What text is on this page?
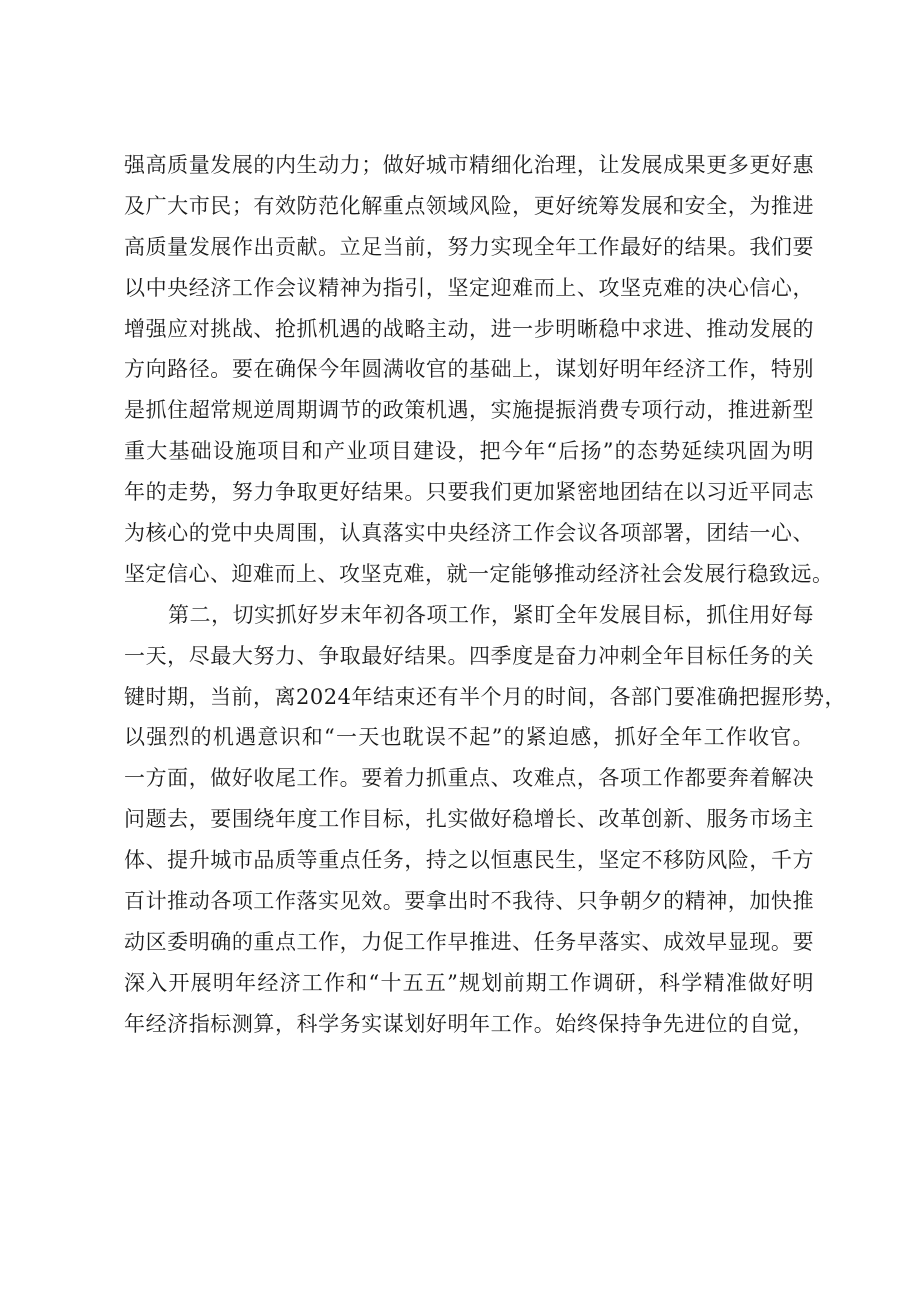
强高质量发展的内生动力；做好城市精细化治理，让发展成果更多更好惠
及广大市民；有效防范化解重点领域风险，更好统筹发展和安全，为推进
高质量发展作出贡献。立足当前，努力实现全年工作最好的结果。我们要
以中央经济工作会议精神为指引，坚定迎难而上、攻坚克难的决心信心，
增强应对挑战、抢抓机遇的战略主动，进一步明晰稳中求进、推动发展的
方向路径。要在确保今年圆满收官的基础上，谋划好明年经济工作，特别
是抓住超常规逆周期调节的政策机遇，实施提振消费专项行动，推进新型
重大基础设施项目和产业项目建设，把今年“后扬”的态势延续巩固为明
年的走势，努力争取更好结果。只要我们更加紧密地团结在以习近平同志
为核心的党中央周围，认真落实中央经济工作会议各项部署，团结一心、
坚定信心、迎难而上、攻坚克难，就一定能够推动经济社会发展行稳致远。
第二，切实抓好岁末年初各项工作，紧盯全年发展目标，抓住用好每
一天，尽最大努力、争取最好结果。四季度是奋力冲刺全年目标任务的关
键时期，当前，离2024年结束还有半个月的时间，各部门要准确把握形势，
以强烈的机遇意识和“一天也耽误不起”的紧迫感，抓好全年工作收官。
一方面，做好收尾工作。要着力抓重点、攻难点，各项工作都要奔着解决
问题去，要围绕年度工作目标，扎实做好稳增长、改革创新、服务市场主
体、提升城市品质等重点任务，持之以恒惠民生，坚定不移防风险，千方
百计推动各项工作落实见效。要拿出时不我待、只争朝夕的精神，加快推
动区委明确的重点工作，力促工作早推进、任务早落实、成效早显现。要
深入开展明年经济工作和“十五五”规划前期工作调研，科学精准做好明
年经济指标测算，科学务实谋划好明年工作。始终保持争先进位的自觉，
